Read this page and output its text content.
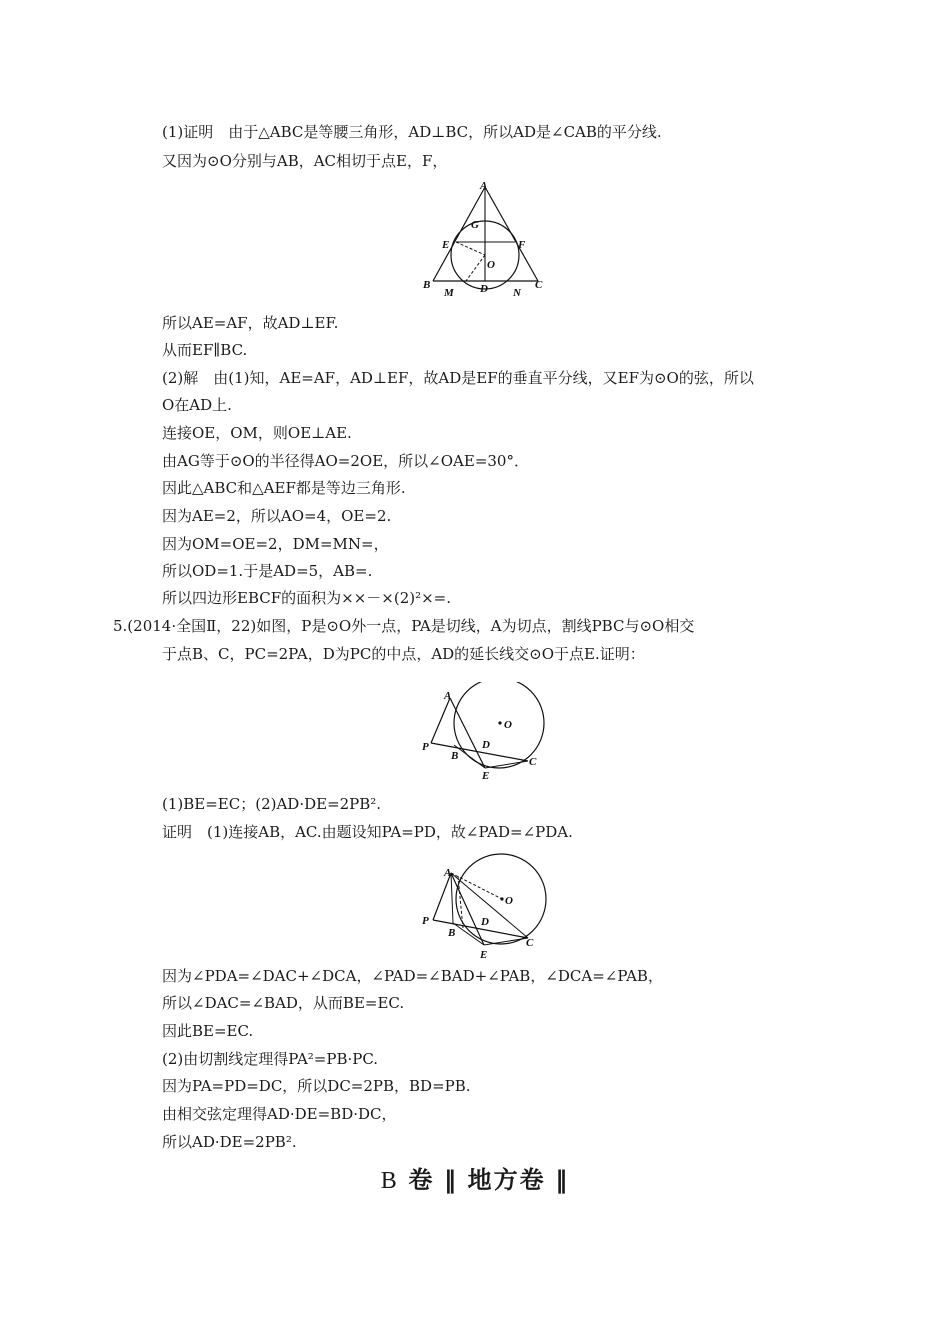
(1)证明　由于△ABC是等腰三角形，AD⊥BC，所以AD是∠CAB的平分线.
又因为⊙O分别与AB，AC相切于点E，F，
A
G
E	F
O
B
M D N
C
所以AE=AF，故AD⊥EF.
从而EF∥BC.
(2)解　由(1)知，AE=AF，AD⊥EF，故AD是EF的垂直平分线，又EF为⊙O的弦，所以
O在AD上.
连接OE，OM，则OE⊥AE.
由AG等于⊙O的半径得AO=2OE，所以∠OAE=30°．
因此△ABC和△AEF都是等边三角形.
因为AE=2，所以AO=4，OE=2.
因为OM=OE=2，DM=MN=，
所以OD=1.于是AD=5，AB=.
所以四边形EBCF的面积为××－×(2)²×=.
5.(2014·全国Ⅱ，22)如图，P是⊙O外一点，PA是切线，A为切点，割线PBC与⊙O相交
于点B、C，PC=2PA，D为PC的中点，AD的延长线交⊙O于点E.证明：
A
O
P	D
B	C
E
(1)BE=EC；(2)AD·DE=2PB².
证明　(1)连接AB，AC.由题设知PA=PD，故∠PAD=∠PDA.
A
O
P	D
B
C
E
因为∠PDA=∠DAC+∠DCA，∠PAD=∠BAD+∠PAB，∠DCA=∠PAB，
所以∠DAC=∠BAD，从而BE=EC.
因此BE=EC.
(2)由切割线定理得PA²=PB·PC.
因为PA=PD=DC，所以DC=2PB，BD=PB.
由相交弦定理得AD·DE=BD·DC，
所以AD·DE=2PB².
B 卷 ‖ 地方卷 ‖
